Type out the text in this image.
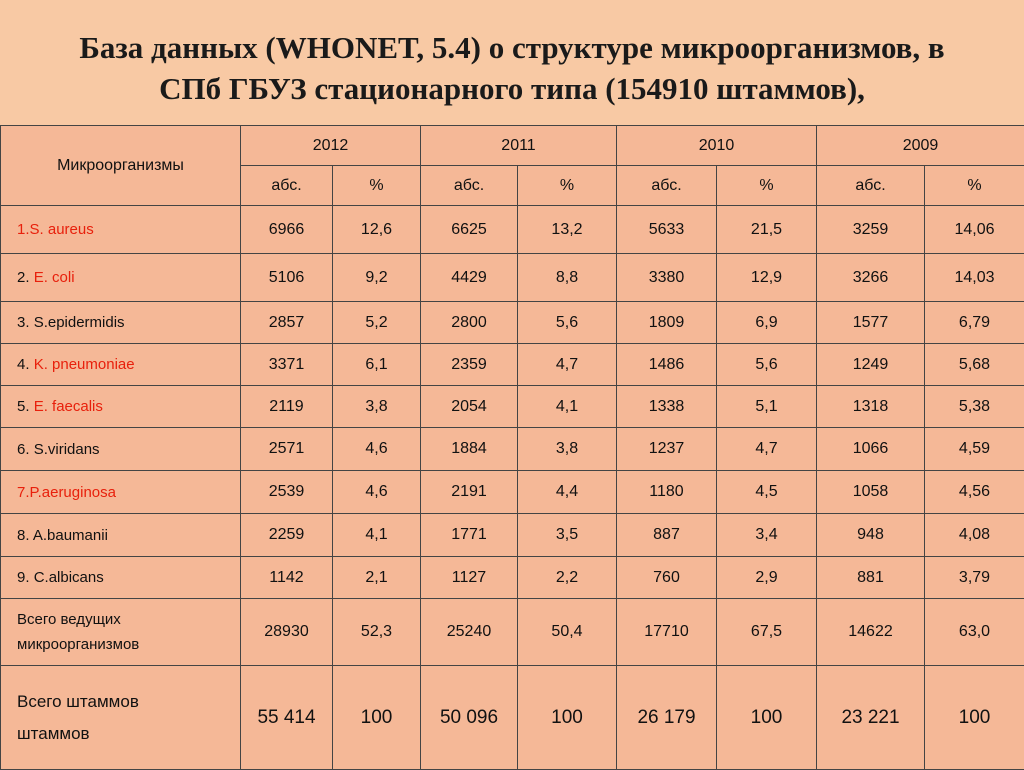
База данных (WHONET, 5.4) о структуре микроорганизмов, в
СПб ГБУЗ стационарного типа (154910 штаммов),
Микроорганизмы	2012		2011		2010		2009	
	абс.	%	абс.	%	абс.	%	абс.	%
1.S. aureus	6966	12,6	6625	13,2	5633	21,5	3259	14,06
2. E. coli	5106	9,2	4429	8,8	3380	12,9	3266	14,03
3. S.epidermidis	2857	5,2	2800	5,6	1809	6,9	1577	6,79
4. K. pneumoniae	3371	6,1	2359	4,7	1486	5,6	1249	5,68
5. E. faecalis	2119	3,8	2054	4,1	1338	5,1	1318	5,38
6. S.viridans	2571	4,6	1884	3,8	1237	4,7	1066	4,59
7.P.aeruginosa	2539	4,6	2191	4,4	1180	4,5	1058	4,56
8. A.baumanii	2259	4,1	1771	3,5	887	3,4	948	4,08
9. C.albicans	1142	2,1	1127	2,2	760	2,9	881	3,79

Всего ведущих
микроорганизмов	28930	52,3	25240	50,4	17710	67,5	14622	63,0

Всего штаммов
штаммов	55 414	100	50 096	100	26 179	100	23 221	100
